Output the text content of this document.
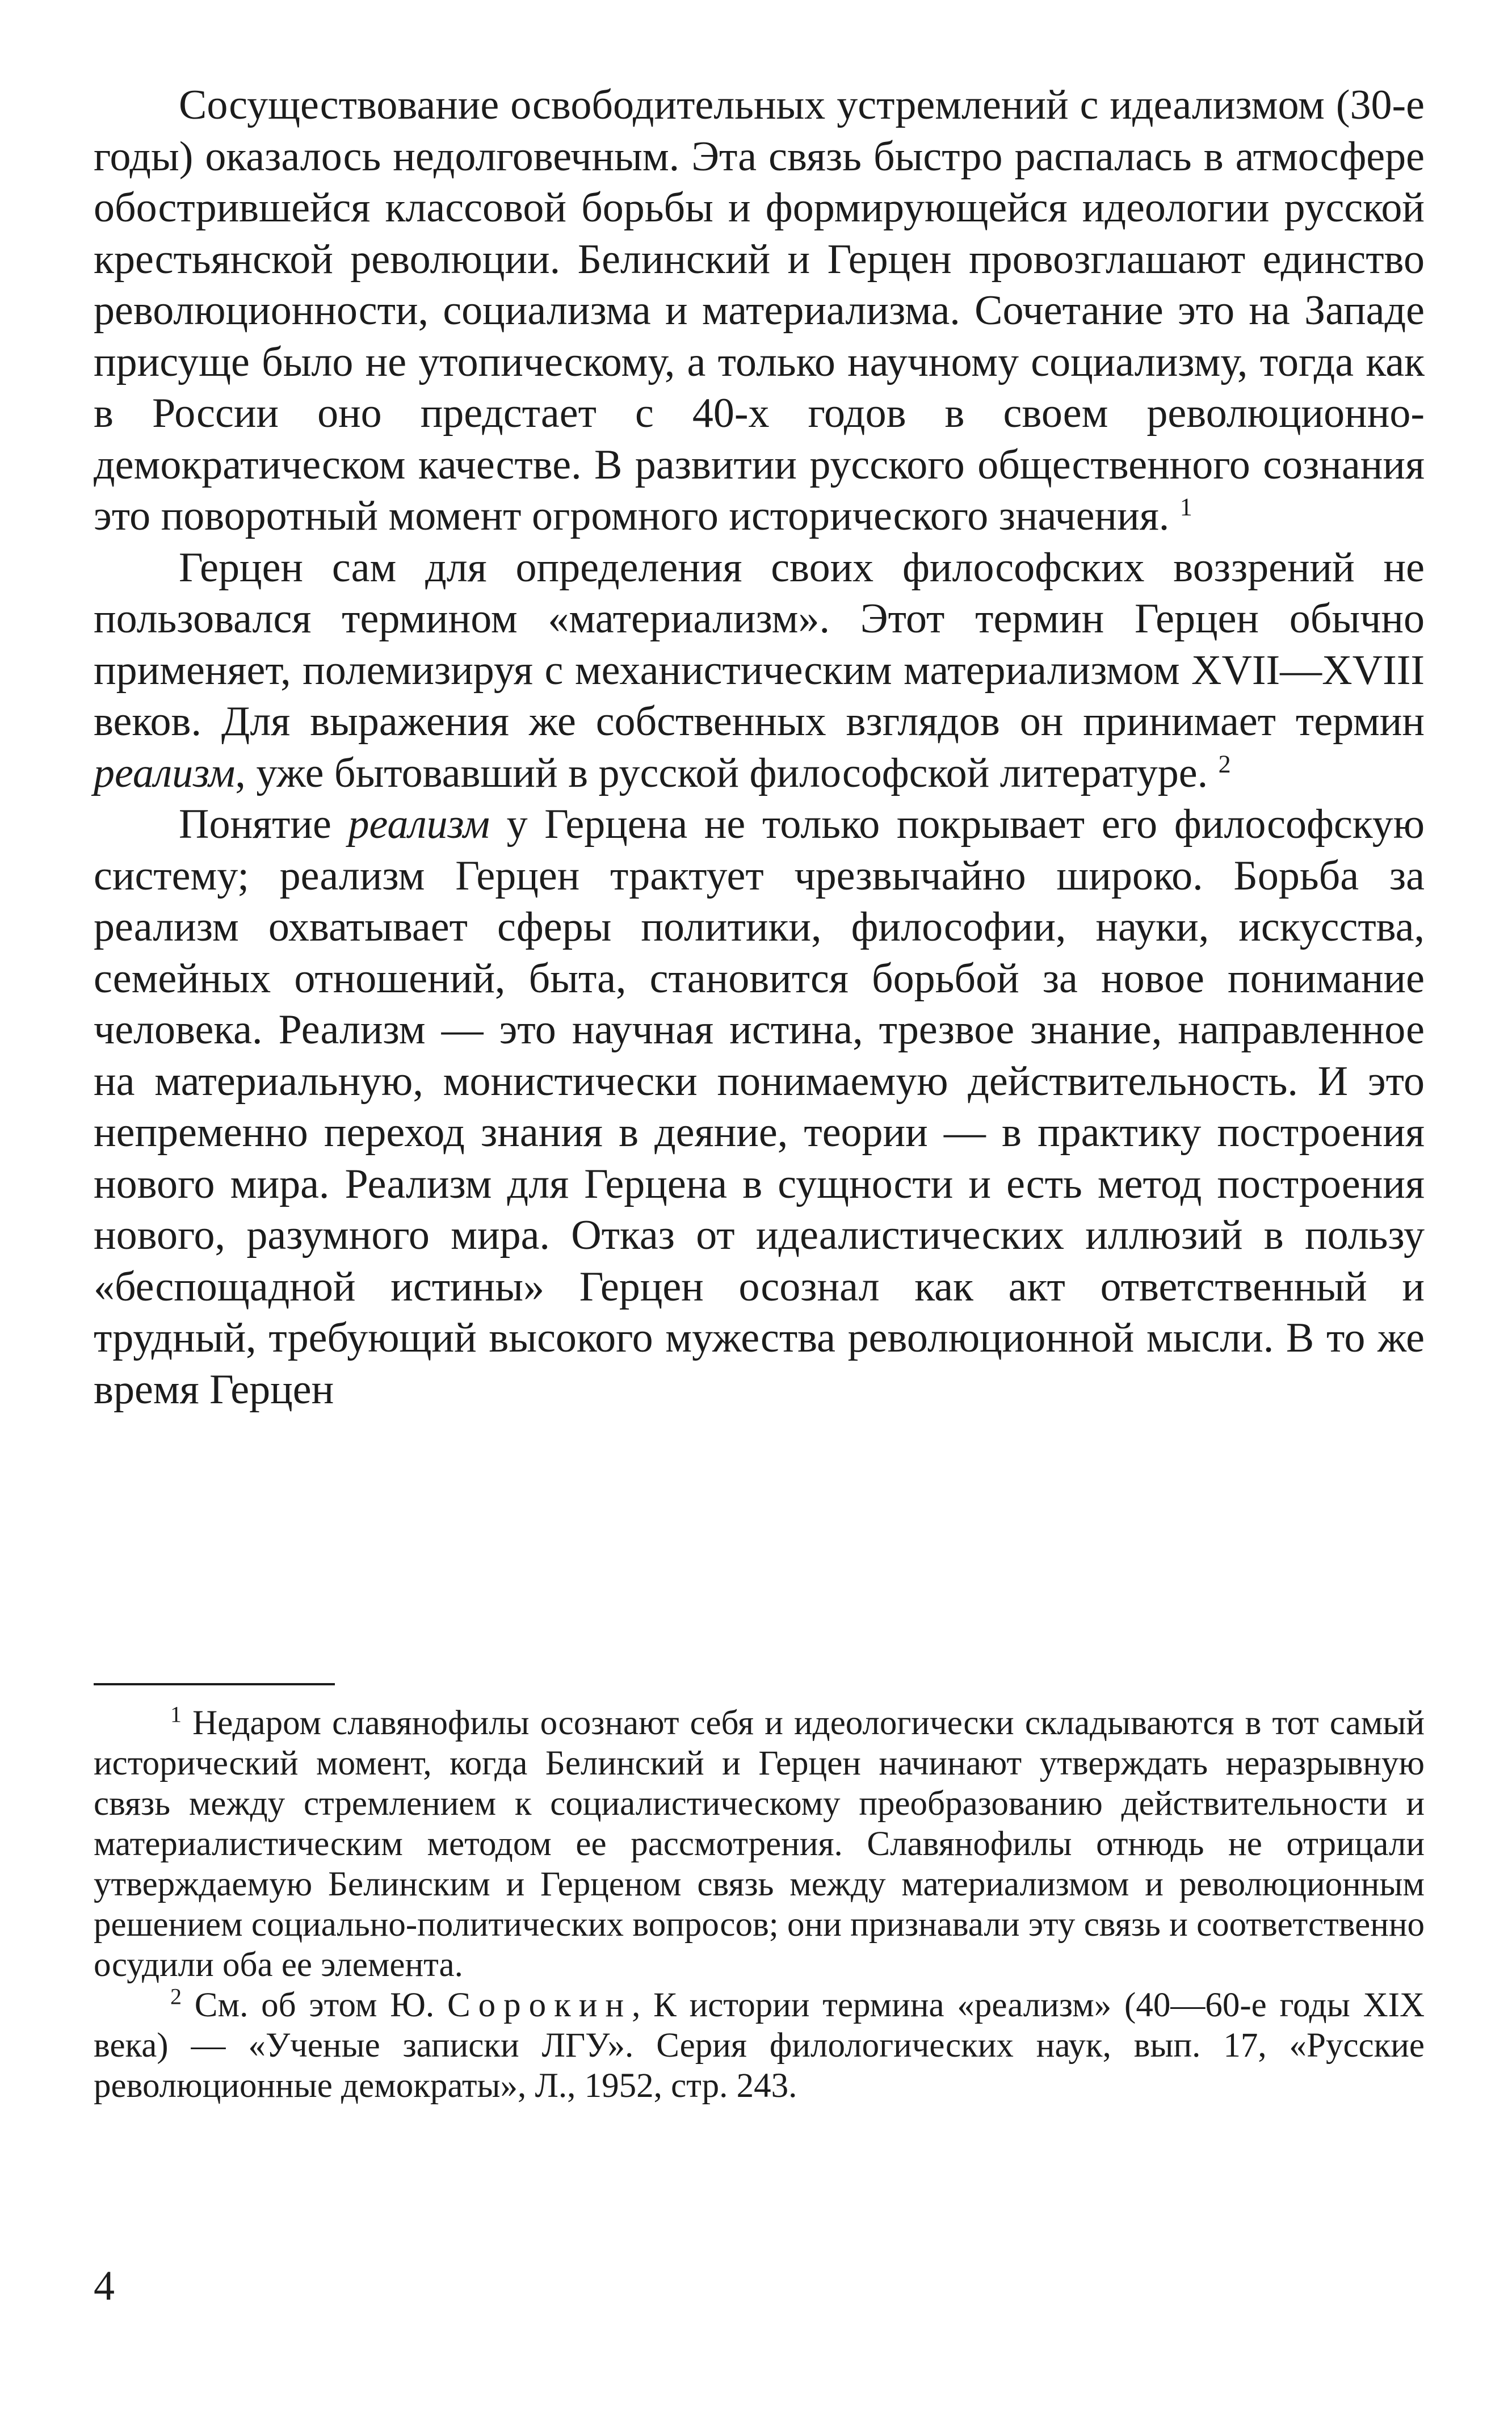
Сосуществование освободительных устремлений с идеализмом (30-е годы) оказалось недолговечным. Эта связь быстро распалась в атмосфере обострившейся классовой борьбы и формирующейся идеологии русской крестьянской революции. Белинский и Герцен провозглашают единство революционности, социализма и материализма. Сочетание это на Западе присуще было не утопическому, а только научному социализму, тогда как в России оно предстает с 40-х годов в своем революционно-демократическом качестве. В развитии русского общественного сознания это поворотный момент огромного исторического значения. $^1$

Герцен сам для определения своих философских воззрений не пользовался термином «материализм». Этот термин Герцен обычно применяет, полемизируя с механистическим материализмом XVII—XVIII веков. Для выражения же собственных взглядов он принимает термин реализм, уже бытовавший в русской философской литературе. $^2$

Понятие реализм у Герцена не только покрывает его философскую систему; реализм Герцен трактует чрезвычайно широко. Борьба за реализм охватывает сферы политики, философии, науки, искусства, семейных отношений, быта, становится борьбой за новое понимание человека. Реализм — это научная истина, трезвое знание, направленное на материальную, монистически понимаемую действительность. И это непременно переход знания в деяние, теории — в практику построения нового мира. Реализм для Герцена в сущности и есть метод построения нового, разумного мира. Отказ от идеалистических иллюзий в пользу «беспощадной истины» Герцен осознал как акт ответственный и трудный, требующий высокого мужества революционной мысли. В то же время Герцен

$^1$ Недаром славянофилы осознают себя и идеологически складываются в тот самый исторический момент, когда Белинский и Герцен начинают утверждать неразрывную связь между стремлением к социалистическому преобразованию действительности и материалистическим методом ее рассмотрения. Славянофилы отнюдь не отрицали утверждаемую Белинским и Герценом связь между материализмом и революционным решением социально-политических вопросов; они признавали эту связь и соответственно осудили оба ее элемента.

$^2$ См. об этом Ю. Сорокин, К истории термина «реализм» (40—60-е годы XIX века) — «Ученые записки ЛГУ». Серия филологических наук, вып. 17, «Русские революционные демократы», Л., 1952, стр. 243.

4
